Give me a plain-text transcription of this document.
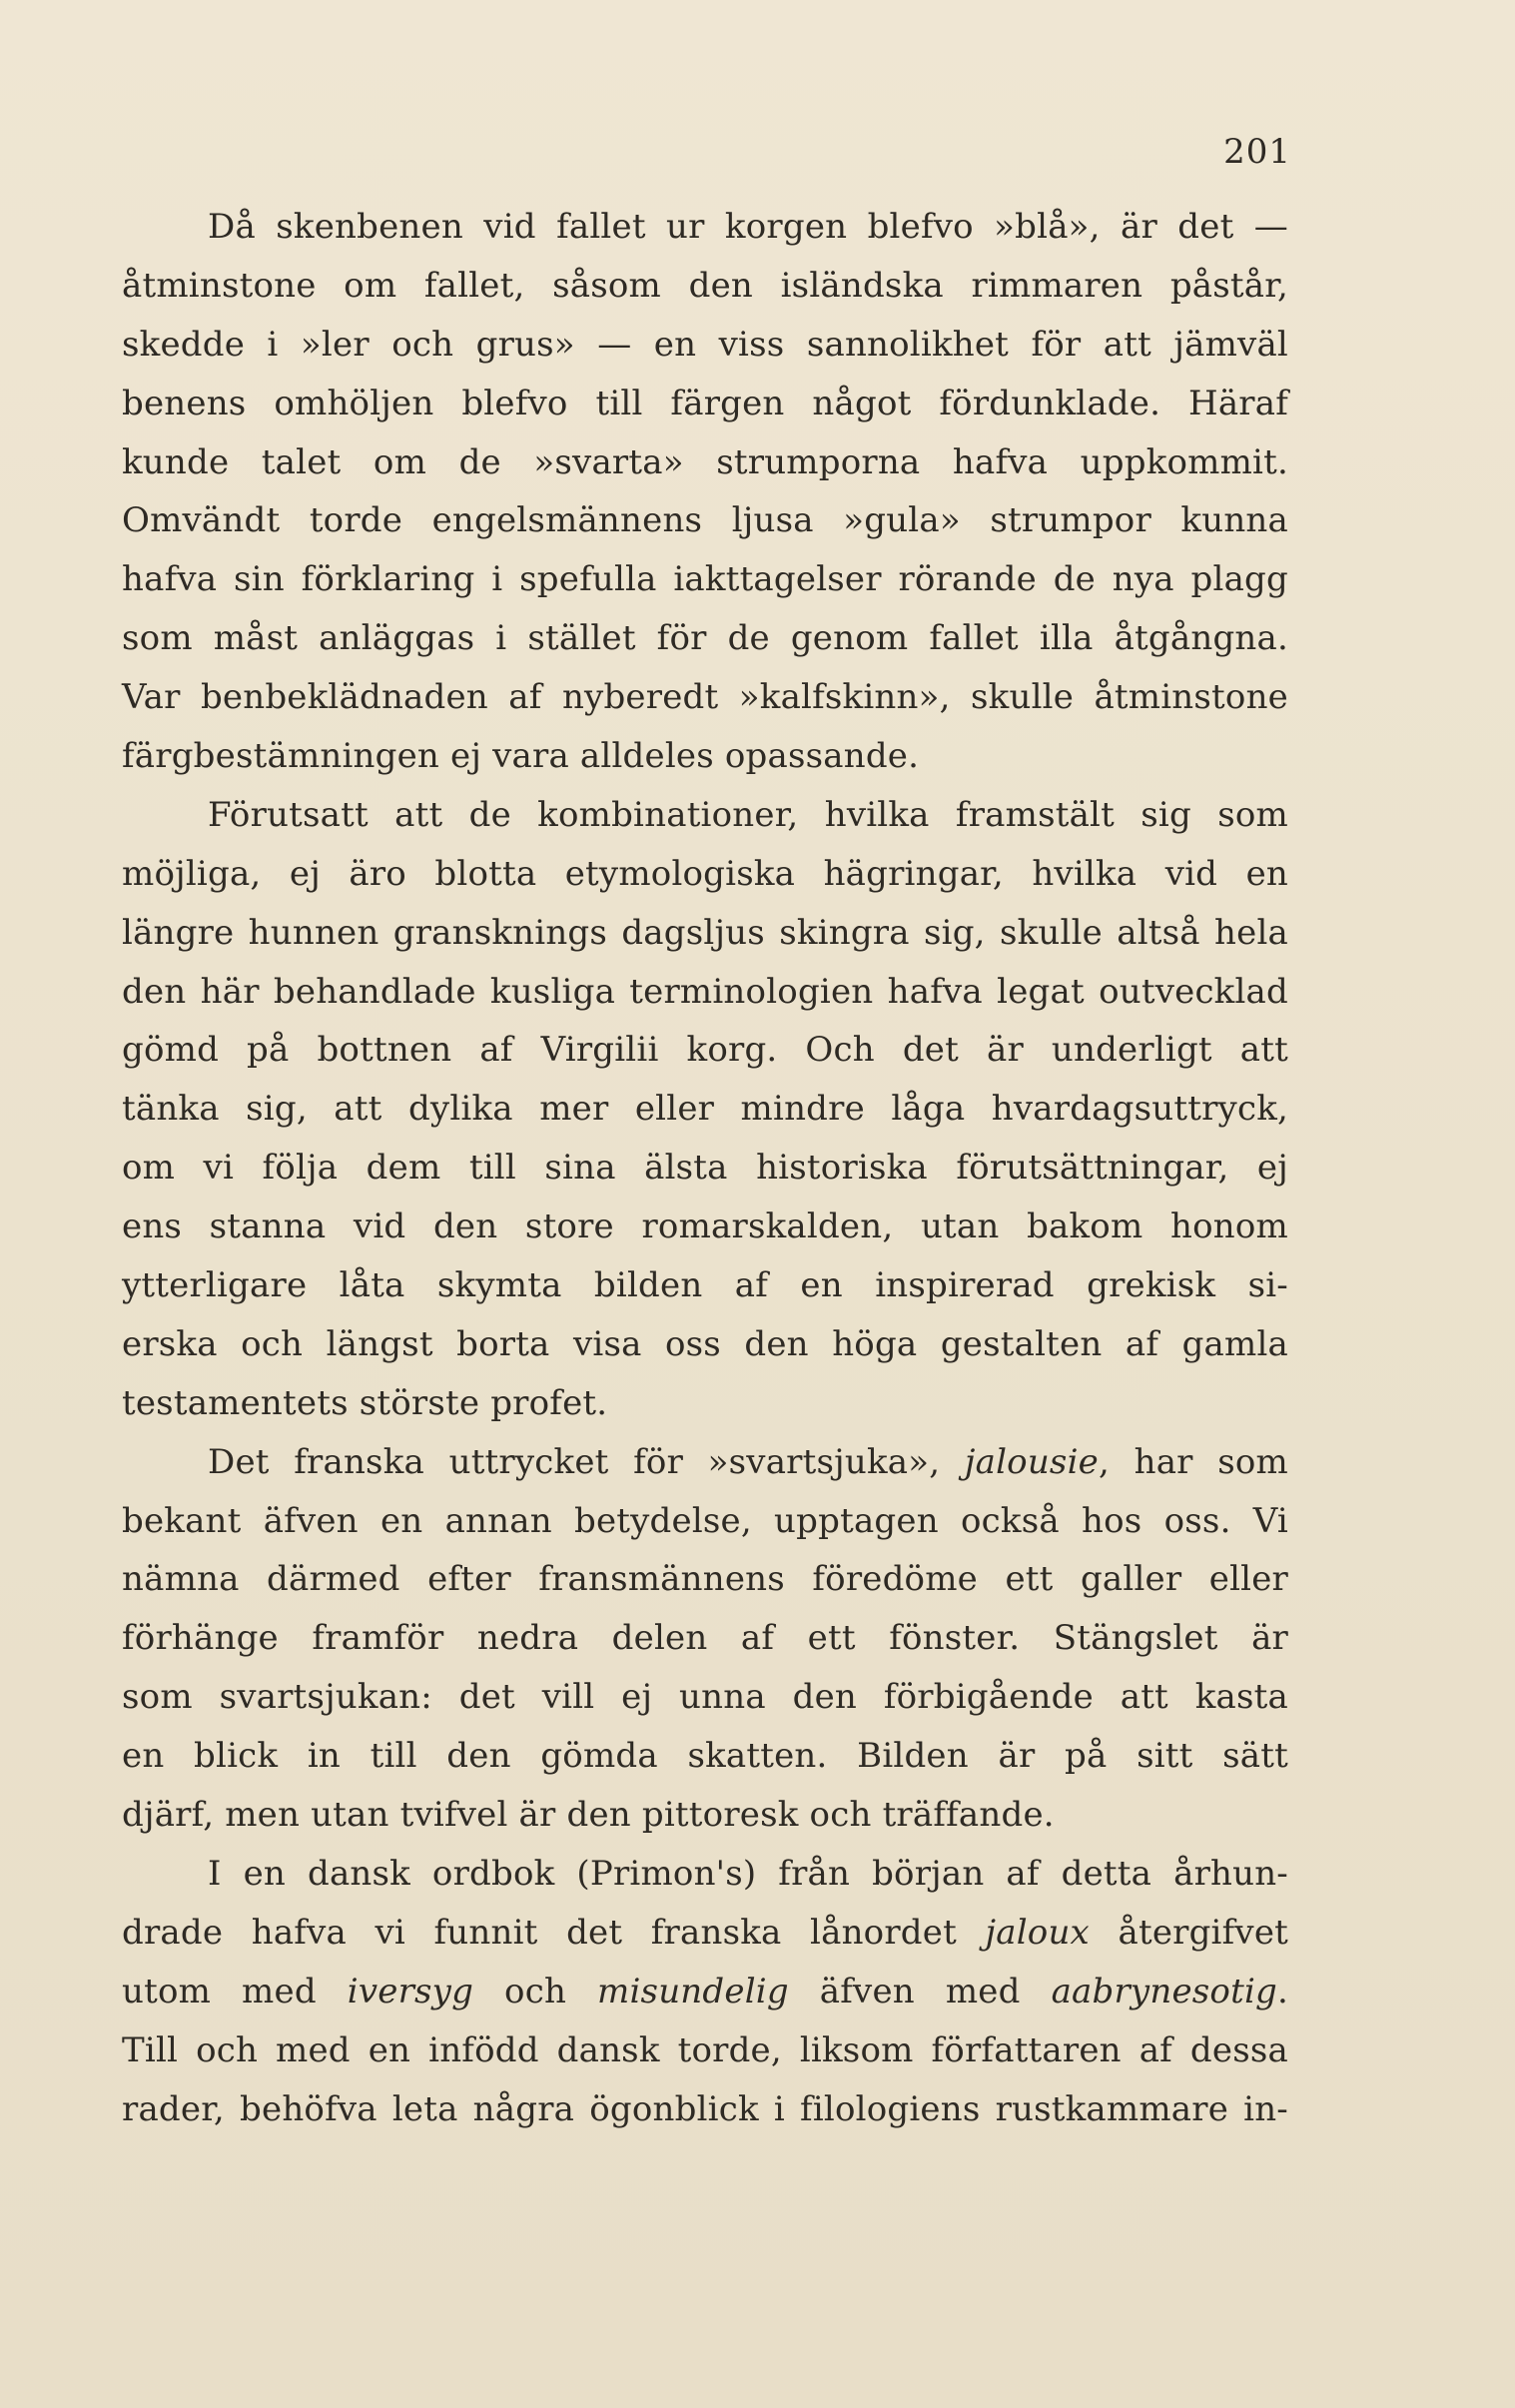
201
Då skenbenen vid fallet ur korgen blefvo »blå», är det —
åtminstone om fallet, såsom den isländska rimmaren påstår,
skedde i »ler och grus» — en viss sannolikhet för att jämväl
benens omhöljen blefvo till färgen något fördunklade. Häraf
kunde talet om de »svarta» strumporna hafva uppkommit.
Omvändt torde engelsmännens ljusa »gula» strumpor kunna
hafva sin förklaring i spefulla iakttagelser rörande de nya plagg
som måst anläggas i stället för de genom fallet illa åtgångna.
Var benbeklädnaden af nyberedt »kalfskinn», skulle åtminstone
färgbestämningen ej vara alldeles opassande.
Förutsatt att de kombinationer, hvilka framstält sig som
möjliga, ej äro blotta etymologiska hägringar, hvilka vid en
längre hunnen gransknings dagsljus skingra sig, skulle altså hela
den här behandlade kusliga terminologien hafva legat outvecklad
gömd på bottnen af Virgilii korg. Och det är underligt att
tänka sig, att dylika mer eller mindre låga hvardagsuttryck,
om vi följa dem till sina älsta historiska förutsättningar, ej
ens stanna vid den store romarskalden, utan bakom honom
ytterligare låta skymta bilden af en inspirerad grekisk si-
erska och längst borta visa oss den höga gestalten af gamla
testamentets störste profet.
Det franska uttrycket för »svartsjuka», jalousie, har som
bekant äfven en annan betydelse, upptagen också hos oss. Vi
nämna därmed efter fransmännens föredöme ett galler eller
förhänge framför nedra delen af ett fönster. Stängslet är
som svartsjukan: det vill ej unna den förbigående att kasta
en blick in till den gömda skatten. Bilden är på sitt sätt
djärf, men utan tvifvel är den pittoresk och träffande.
I en dansk ordbok (Primon's) från början af detta århun-
drade hafva vi funnit det franska lånordet jaloux återgifvet
utom med iversyg och misundelig äfven med aabrynesotig.
Till och med en infödd dansk torde, liksom författaren af dessa
rader, behöfva leta några ögonblick i filologiens rustkammare in-
